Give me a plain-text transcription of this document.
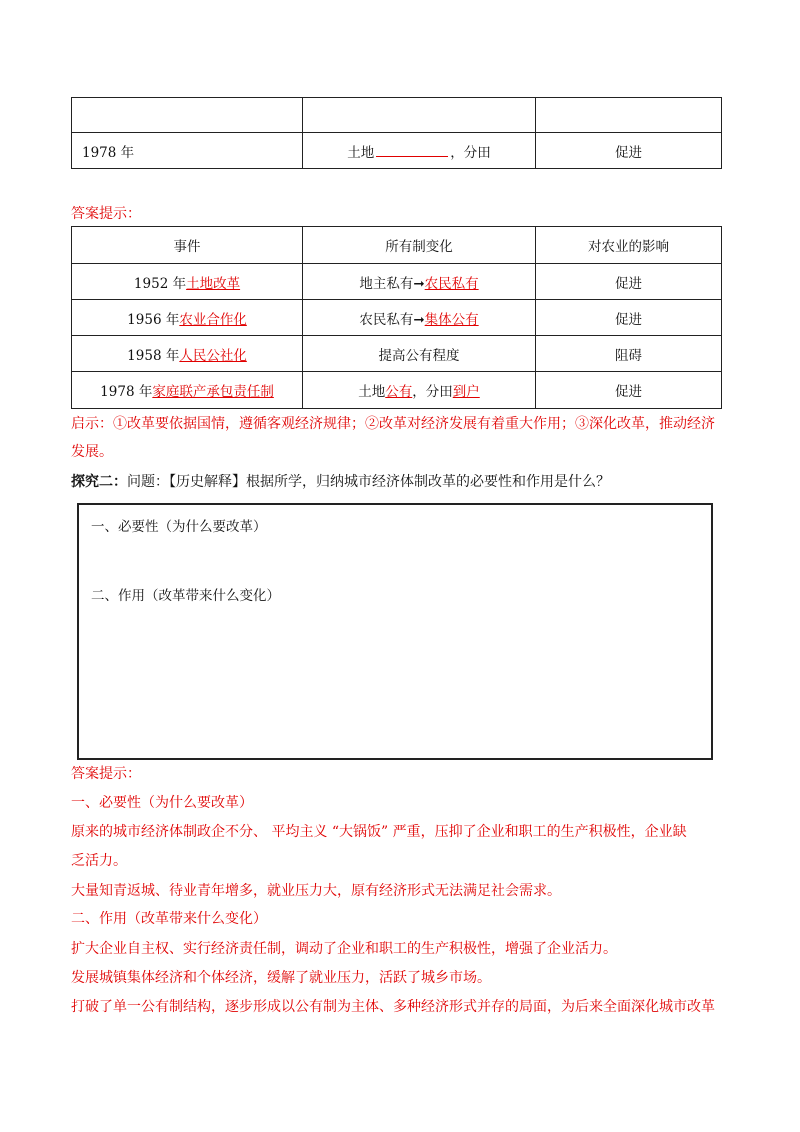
1978 年	土地 ，分田	促进
答案提示：
事件	所有制变化	对农业的影响
1952 年土地改革	地主私有➞农民私有	促进
1956 年农业合作化	农民私有➞集体公有	促进
1958 年人民公社化	提高公有程度	阻碍
1978 年家庭联产承包责任制	土地公有，分田到户	促进
启示：①改革要依据国情，遵循客观经济规律；②改革对经济发展有着重大作用；③深化改革，推动经济
发展。
探究二：问题：【历史解释】根据所学，归纳城市经济体制改革的必要性和作用是什么？
一、必要性（为什么要改革）
二、作用（改革带来什么变化）
答案提示：
一、必要性（为什么要改革）
原来的城市经济体制政企不分、 平均主义 “大锅饭” 严重，压抑了企业和职工的生产积极性，企业缺
乏活力。
大量知青返城、待业青年增多，就业压力大，原有经济形式无法满足社会需求。
二、作用（改革带来什么变化）
扩大企业自主权、实行经济责任制，调动了企业和职工的生产积极性，增强了企业活力。
发展城镇集体经济和个体经济，缓解了就业压力，活跃了城乡市场。
打破了单一公有制结构，逐步形成以公有制为主体、多种经济形式并存的局面，为后来全面深化城市改革
